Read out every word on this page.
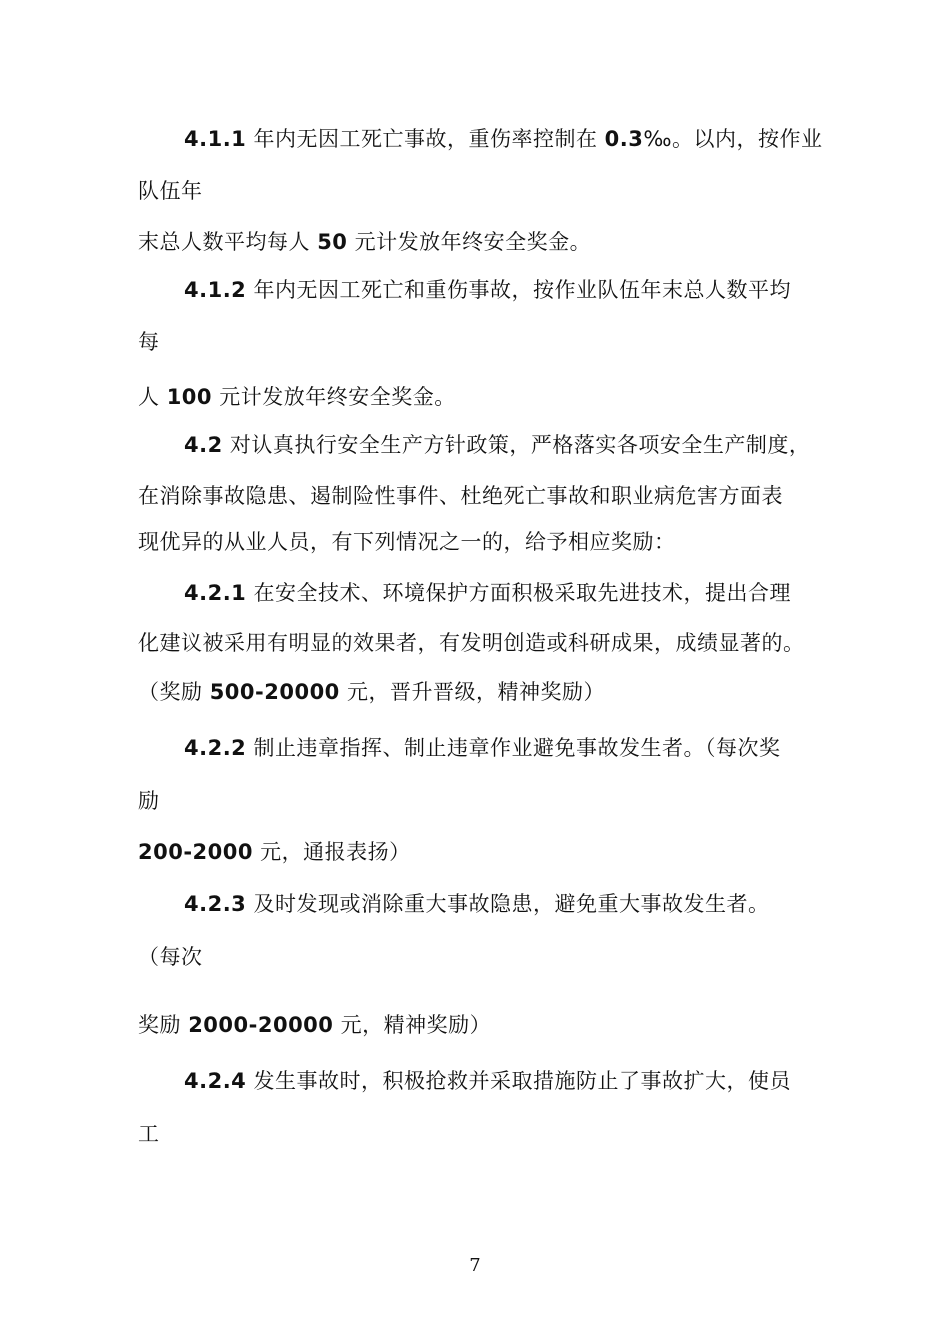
4.1.1 年内无因工死亡事故，重伤率控制在 0.3‰。以内，按作业
队伍年
末总人数平均每人 50 元计发放年终安全奖金。
4.1.2 年内无因工死亡和重伤事故，按作业队伍年末总人数平均
每
人 100 元计发放年终安全奖金。
4.2 对认真执行安全生产方针政策，严格落实各项安全生产制度，
在消除事故隐患、遏制险性事件、杜绝死亡事故和职业病危害方面表
现优异的从业人员，有下列情况之一的，给予相应奖励：
4.2.1 在安全技术、环境保护方面积极采取先进技术，提出合理
化建议被采用有明显的效果者，有发明创造或科研成果，成绩显著的。
（奖励 500-20000 元，晋升晋级，精神奖励）
4.2.2 制止违章指挥、制止违章作业避免事故发生者。（每次奖
励
200-2000 元，通报表扬）
4.2.3 及时发现或消除重大事故隐患，避免重大事故发生者。
（每次
奖励 2000-20000 元，精神奖励）
4.2.4 发生事故时，积极抢救并采取措施防止了事故扩大，使员
工
7
